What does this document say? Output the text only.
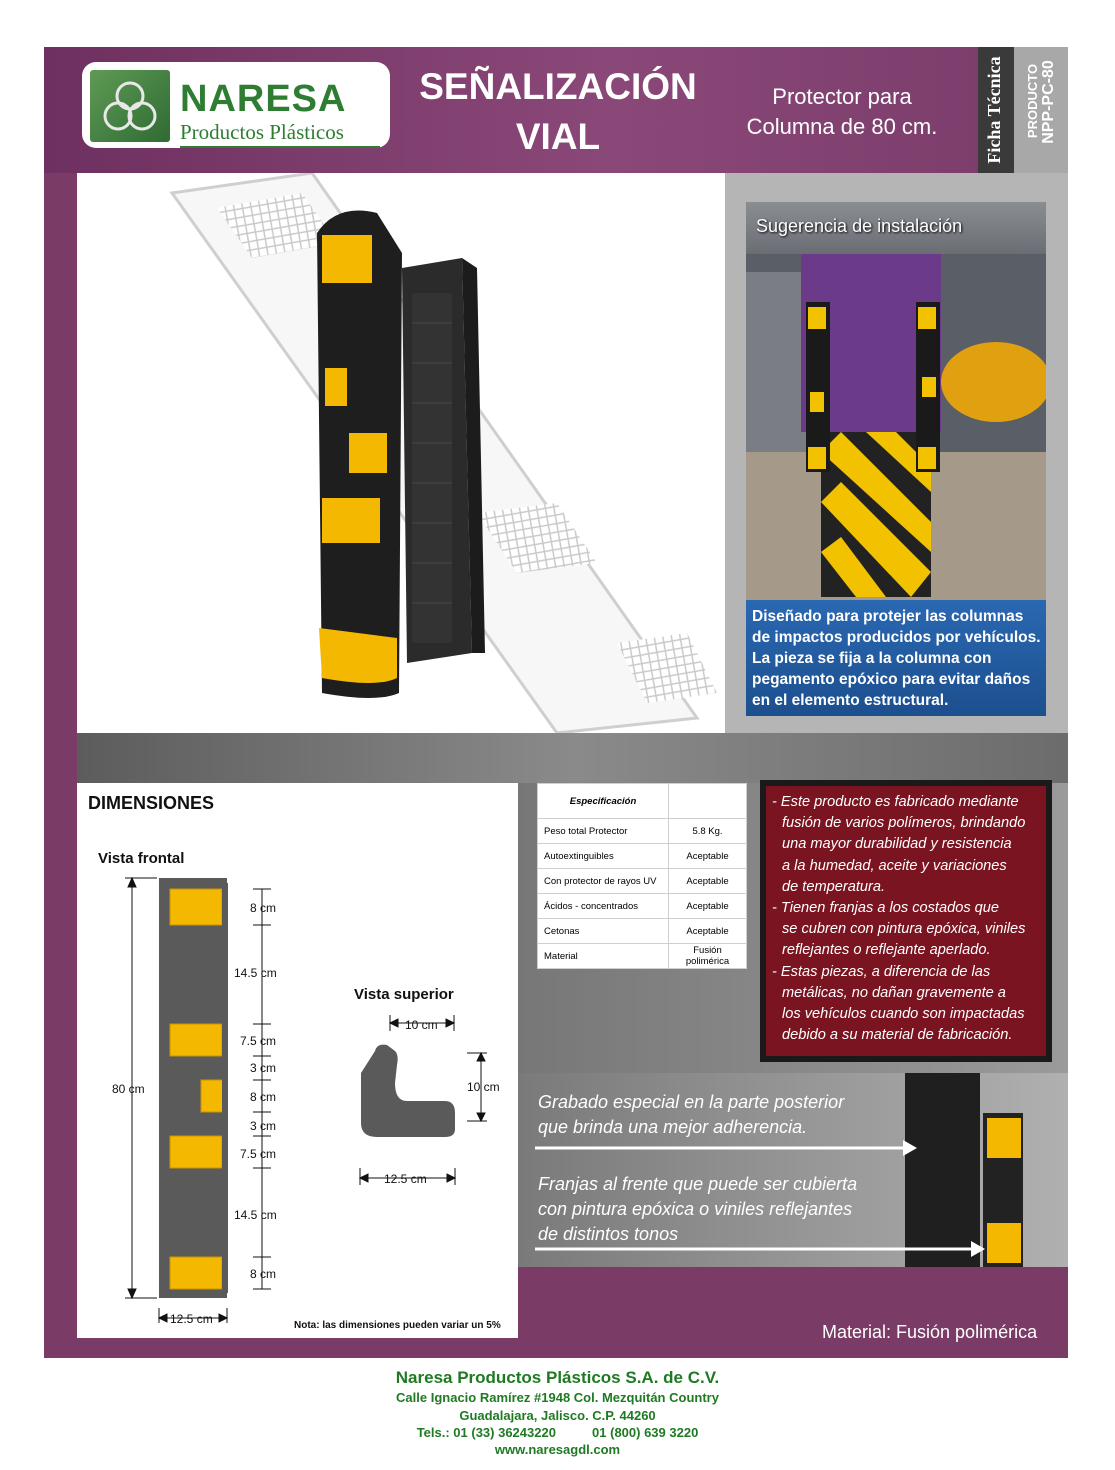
NARESA
Productos Plásticos
SEÑALIZACIÓN
VIAL
Protector para
Columna de 80 cm.	Ficha Técnica	PRODUCTO NPP-PC-80
Sugerencia de instalación
Diseñado para protejer las columnas
de impactos producidos por vehículos.
La pieza se fija a la columna con
pegamento epóxico para evitar daños
en el elemento estructural.
DIMENSIONES
Vista frontal
Vista superior
80 cm
8 cm
14.5 cm
7.5 cm
3 cm
8 cm
3 cm
7.5 cm
14.5 cm
8 cm
12.5 cm
10 cm
10 cm
12.5 cm
Nota: las dimensiones pueden variar un 5%
Especificación	
Peso total Protector	5.8 Kg.
Autoextinguibles	Aceptable
Con protector de rayos UV	Aceptable
Ácidos - concentrados	Aceptable
Cetonas	Aceptable
Material	Fusión polimérica
- Este producto es fabricado mediante
fusión de varios polímeros, brindando
una mayor durabilidad y resistencia
a la humedad, aceite y variaciones
de temperatura.
- Tienen franjas a los costados que
se cubren con pintura epóxica, viniles
reflejantes o reflejante aperlado.
- Estas piezas, a diferencia de las
metálicas, no dañan gravemente a
los vehículos cuando son impactadas
debido a su material de fabricación.
Grabado especial en la parte posterior
que brinda una mejor adherencia.
Franjas al frente que puede ser cubierta
con pintura epóxica o viniles reflejantes
de distintos tonos
Material: Fusión polimérica
Naresa Productos Plásticos S.A. de C.V.
Calle Ignacio Ramírez #1948 Col. Mezquitán Country
Guadalajara, Jalisco. C.P. 44260
Tels.: 01 (33) 36243220          01 (800) 639 3220
www.naresagdl.com
